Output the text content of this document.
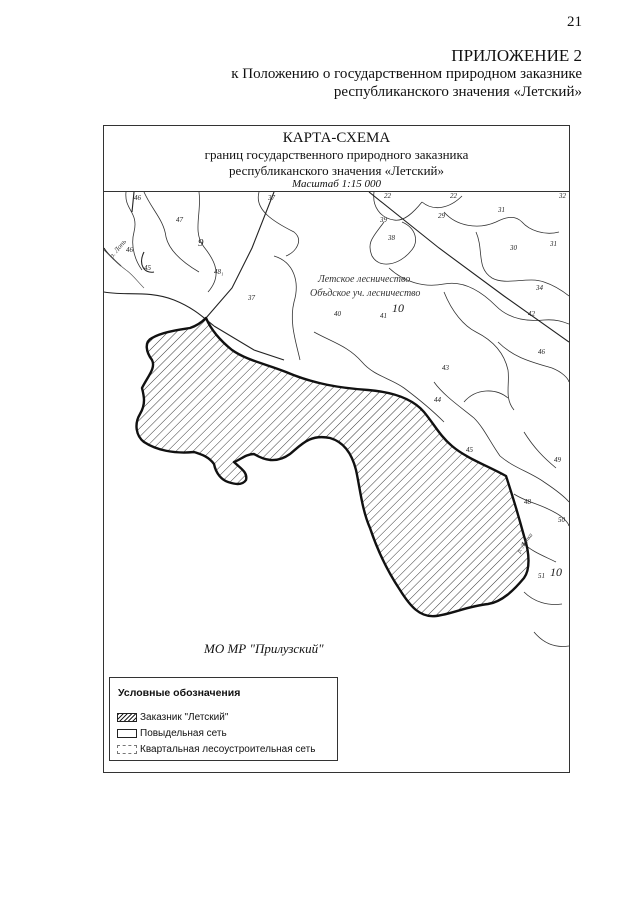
21
ПРИЛОЖЕНИЕ 2
к Положению о государственном природном заказнике
республиканского значения «Летский»
КАРТА-СХЕМА
границ государственного природного заказника
республиканского значения «Летский»
Масштаб 1:15 000
46
47
9
46
45	48₁
37
37
22	22	32
39	29
31
38
30	31
34
40	41
10	42
43
46
44
45
49
48
50
51 10
Летское лесничество
Объдское уч. лесничество
р. Лопь
р. Летка
МО МР "Прилузский"
Условные обозначения
Заказник "Летский"
Повыдельная сеть
Квартальная лесоустроительная сеть
